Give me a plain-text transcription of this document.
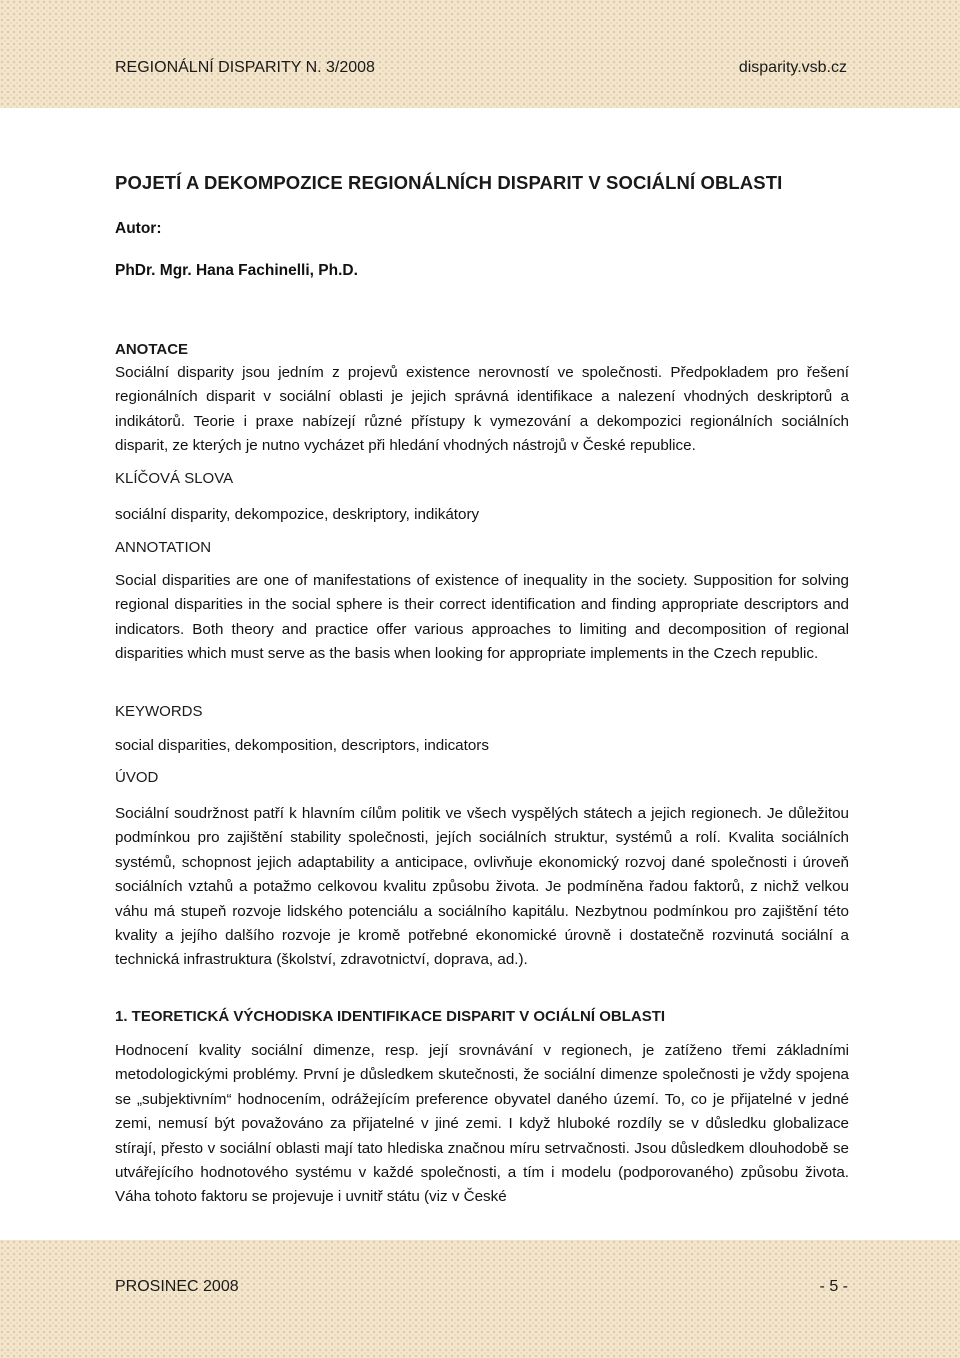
REGIONÁLNÍ DISPARITY N. 3/2008	disparity.vsb.cz
POJETÍ A DEKOMPOZICE REGIONÁLNÍCH DISPARIT V SOCIÁLNÍ OBLASTI
Autor:
PhDr. Mgr. Hana Fachinelli, Ph.D.
ANOTACE
Sociální disparity jsou jedním z projevů existence nerovností ve společnosti. Předpokladem pro řešení regionálních disparit v sociální oblasti je jejich správná identifikace a nalezení vhodných deskriptorů a indikátorů. Teorie i praxe nabízejí různé přístupy k vymezování a dekompozici regionálních sociálních disparit, ze kterých je nutno vycházet při hledání vhodných nástrojů v České republice.
KLÍČOVÁ SLOVA
sociální disparity, dekompozice, deskriptory, indikátory
ANNOTATION
Social disparities are one of manifestations of existence of inequality in the society. Supposition for solving regional disparities in the social sphere is their correct identification and finding appropriate descriptors and indicators. Both theory and practice offer various approaches to limiting and decomposition of regional disparities which must serve as the basis when looking for appropriate implements in the Czech republic.
KEYWORDS
social disparities, dekomposition, descriptors, indicators
ÚVOD
Sociální soudržnost patří k hlavním cílům politik ve všech vyspělých státech a jejich regionech. Je důležitou podmínkou pro zajištění stability společnosti, jejích sociálních struktur, systémů a rolí. Kvalita sociálních systémů, schopnost jejich adaptability a anticipace, ovlivňuje ekonomický rozvoj dané společnosti i úroveň sociálních vztahů a potažmo celkovou kvalitu způsobu života. Je podmíněna řadou faktorů, z nichž velkou váhu má stupeň rozvoje lidského potenciálu a sociálního kapitálu. Nezbytnou podmínkou pro zajištění této kvality a jejího dalšího rozvoje je kromě potřebné ekonomické úrovně i dostatečně rozvinutá sociální a technická infrastruktura (školství, zdravotnictví, doprava, ad.).
1. TEORETICKÁ VÝCHODISKA IDENTIFIKACE DISPARIT V OCIÁLNÍ OBLASTI
Hodnocení kvality sociální dimenze, resp. její srovnávání v regionech, je zatíženo třemi základními metodologickými problémy. První je důsledkem skutečnosti, že sociální dimenze společnosti je vždy spojena se „subjektivním“ hodnocením, odrážejícím preference obyvatel daného území. To, co je přijatelné v jedné zemi, nemusí být považováno za přijatelné v jiné zemi. I když hluboké rozdíly se v důsledku globalizace stírají, přesto v sociální oblasti mají tato hlediska značnou míru setrvačnosti. Jsou důsledkem dlouhodobě se utvářejícího hodnotového systému v každé společnosti, a tím i modelu (podporovaného) způsobu života. Váha tohoto faktoru se projevuje i uvnitř státu (viz v České
PROSINEC 2008	- 5 -
